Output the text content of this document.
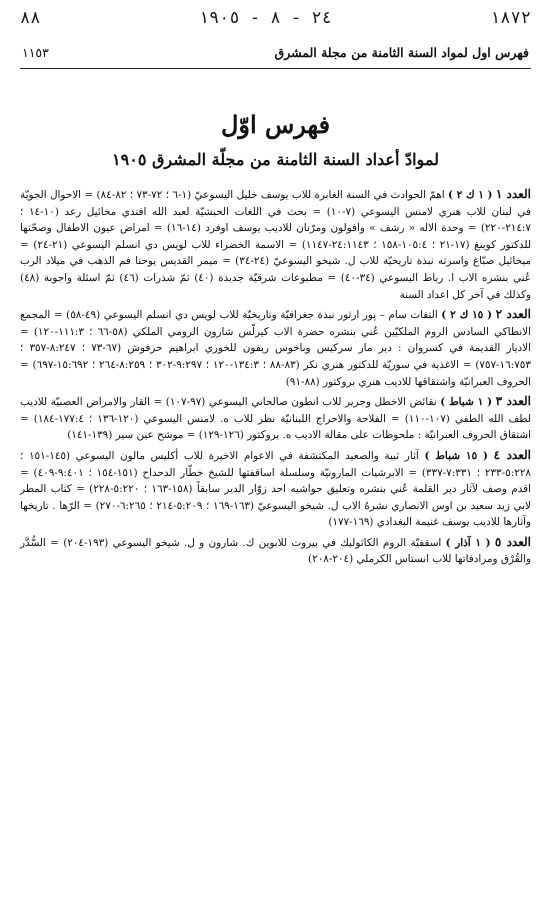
٨٨	٢٤ - ٨ - ١٩٠٥	١٨٧٢
فهرس اول لمواد السنة الثامنة من مجلة المشرق
١١٥٣
فهرس اوّل
لموادّ أعداد السنة الثامنة من مجلّة المشرق ١٩٠٥

العدد ١ ( ١ ك ٢ ) اهمّ الحوادث في السنة الغابرة للاب يوسف خليل اليسوعيّ (١-٦ ؛ ٧٢-٧٣ ؛ ٨٢-٨٤) = الاحوال الجويّة في لبنان للاب هنري لامنس اليسوعي (٧-١٠) = بحث في اللغات الحبشيّة لعبد الله افندي مخائيل رعد (١٠-١٤ ؛ ٢١٤:٧-٢٢٠) = وحدة الاله « رشف » وافولون ومرّنان للاديب يوسف اوفرد (١٤-١٦) = امراض عيون الاطفال وصحّتها للدكتور كوينغ (١٧-٢١ ؛ ١٠٥:٤-١٥٨ ؛ ٢٤:١١٤٣-١١٤٧) = الاسمة الخضراء للاب لويس دي انسلم اليسوعي (٢١-٢٤) = ميخائيل صبّاغ واسرته نبذة تاريخيّة للاب ل. شيخو اليسوعيّ (٢٤-٣٤) = ميمر القديس يوحنا فم الذهب في ميلاد الرب عُني بنشره الاب ا. رباط اليسوعي (٣٤-٤٠) = مطبوعات شرقيّة جديدة (٤٠) ثمّ شذرات (٤٦) ثمّ اسئلة واجوبة (٤٨) وكذلك في آخر كل اعداد السنة

العدد ٢ ( ١٥ ك ٢ ) التفات سام – پور ارثور نبذة جغرافيّة وتاريخيّة للاب لويس دي انسلم اليسوعي (٤٩-٥٨) = المجمع الانطاكي السادس الروم الملكيّين عُني بنشره حضرة الاب كيرلّس شارون الرومي الملكي (٥٨-٦٦ ؛ ١١١:٣-١٢٠) = الاديار القديمة في كسروان : دير مار سركيس وباخوس ريفون للخوري ابراهيم حرفوش (٦٧-٧٣ ؛ ٨:٢٤٧-٣٥٧ ؛ ١٦:٧٥٣-٧٥٧) = الاغذية في سوريّة للدكتور هنري نكر (٨٣-٨٨ ؛ ١٣٤:٣-١٢٠ ؛ ٩:٢٩٧-٣٠٢ ؛ ٨:٢٥٩-٢٦٤ ؛ ١٥:٦٩٢-٦٩٧) = الحروف العبرانيّة واشتقاقها للاديب هنري بروكتور (٨٨-٩١)

العدد ٣ ( ١ شباط ) نقائض الاخطل وجرير للاب انطون صالحاني اليسوعي (٩٧-١٠٧) = القار والامراض العصبيّة للاديب لطف الله الطفي (١٠٧-١١٠) = الفلاحة والاحراج اللبنانيّة نظر للاب ه. لامنس اليسوعي (١٢٠-١٣٦ ؛ ١٧٧:٤-١٨٤) = اشتقاق الحروف العبرانيّة : ملحوظات على مقالة الاديب ه. بروكتور (١٢٦-١٢٩) = موشح عين سير (١٣٩-١٤١)

العدد ٤ ( ١٥ شباط ) آثار ثبية والصعيد المكتشفة في الاعوام الاخيرة للاب أكليس مالون اليسوعي (١٤٥-١٥١ ؛ ٥:٢٢٨-٢٣٣ ؛ ٧:٣٣١-٣٣٧) = الابرشيات المارونيّة وسلسلة اساقفتها للشيخ خطّار الدحداح (١٥١-١٥٤ ؛ ٩:٤٠١-٤٠٩) = اقدم وصف لآثار دير القلمة عُني بنشره وتعليق حواشيه احد زوّار الدير سابقاً (١٥٨-١٦٣ ؛ ٥:٢٢٠-٢٢٨) = كتاب المطر لابي زيد سعيد بن اوس الانصاري نشرهُ الاب ل. شيخو اليسوعيّ (١٦٣-١٦٩ ؛ ٥:٢٠٩-٢١٤ ؛ ٦:٢٦٥-٢٧٠) = الرّها . تاريخها وآثارها للاديب يوسف غنيمة البغدادي (١٦٩-١٧٧)

العدد ٥ ( ١ آذار ) اسقفيّة الروم الكاثوليك في بيروت للابوين ك. شارون و ل. شيخو اليسوعي (١٩٣-٢٠٤) = السُّدَّر والقُرْق ومرادفاتها للاب انستاس الكرملي (٢٠٤-٢٠٨)
